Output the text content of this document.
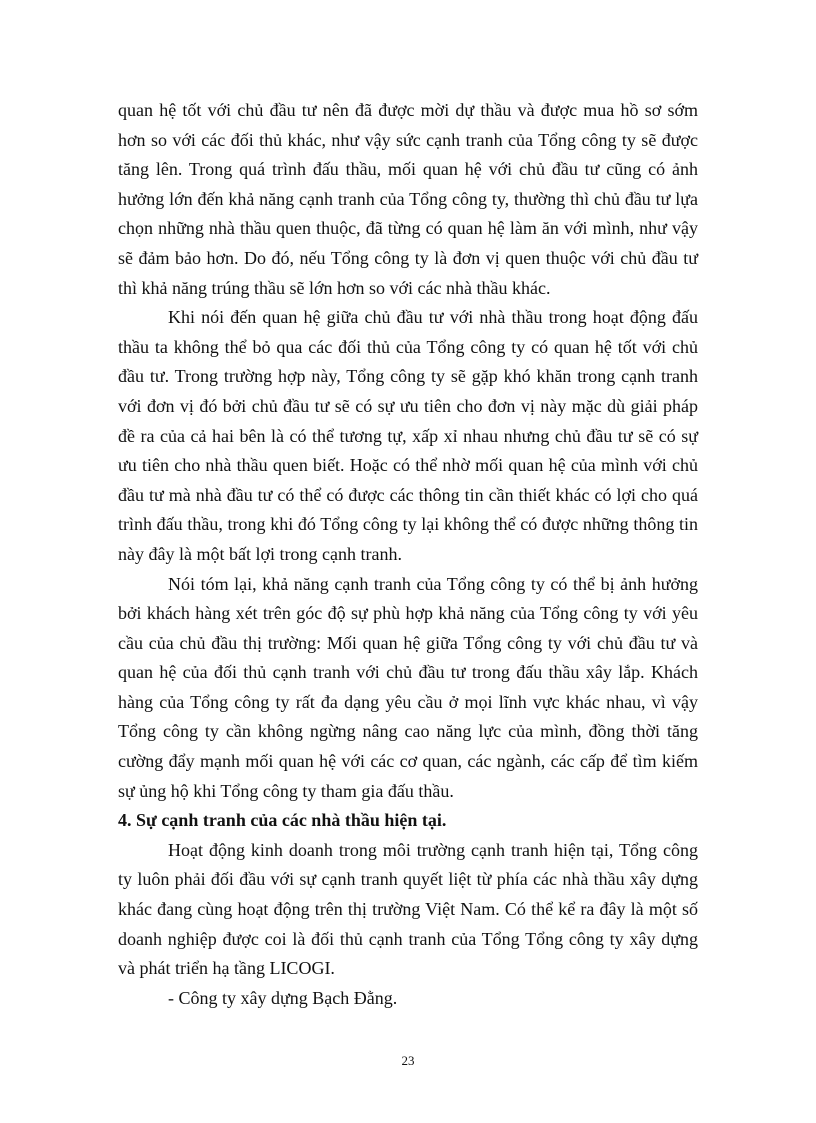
quan hệ tốt với chủ đầu tư nên đã được mời dự thầu và được mua hồ sơ sớm hơn so với các đối thủ khác, như vậy sức cạnh tranh của Tổng công ty sẽ được tăng lên. Trong quá trình đấu thầu, mối quan hệ với chủ đầu tư cũng có ảnh hưởng lớn đến khả năng cạnh tranh của Tổng công ty, thường thì chủ đầu tư lựa chọn những nhà thầu quen thuộc, đã từng có quan hệ làm ăn với mình, như vậy sẽ đảm bảo hơn. Do đó, nếu Tổng công ty là đơn vị quen thuộc với chủ đầu tư thì khả năng trúng thầu sẽ lớn hơn so với các nhà thầu khác.

Khi nói đến quan hệ giữa chủ đầu tư với nhà thầu trong hoạt động đấu thầu ta không thể bỏ qua các đối thủ của Tổng công ty có quan hệ tốt với chủ đầu tư. Trong trường hợp này, Tổng công ty sẽ gặp khó khăn trong cạnh tranh với đơn vị đó bởi chủ đầu tư sẽ có sự ưu tiên cho đơn vị này mặc dù giải pháp đề ra của cả hai bên là có thể tương tự, xấp xỉ nhau nhưng chủ đầu tư sẽ có sự ưu tiên cho nhà thầu quen biết. Hoặc có thể nhờ mối quan hệ của mình với chủ đầu tư mà nhà đầu tư có thể có được các thông tin cần thiết khác có lợi cho quá trình đấu thầu, trong khi đó Tổng công ty lại không thể có được những thông tin này đây là một bất lợi trong cạnh tranh.

Nói tóm lại, khả năng cạnh tranh của Tổng công ty có thể bị ảnh hưởng bởi khách hàng xét trên góc độ sự phù hợp khả năng của Tổng công ty với yêu cầu của chủ đầu thị trường: Mối quan hệ giữa Tổng công ty với chủ đầu tư và quan hệ của đối thủ cạnh tranh với chủ đầu tư trong đấu thầu xây lắp. Khách hàng của Tổng công ty rất đa dạng yêu cầu ở mọi lĩnh vực khác nhau, vì vậy Tổng công ty cần không ngừng nâng cao năng lực của mình, đồng thời tăng cường đẩy mạnh mối quan hệ với các cơ quan, các ngành, các cấp để tìm kiếm sự ủng hộ khi Tổng công ty tham gia đấu thầu.

4. Sự cạnh tranh của các nhà thầu hiện tại.

Hoạt động kinh doanh trong môi trường cạnh tranh hiện tại, Tổng công ty luôn phải đối đầu với sự cạnh tranh quyết liệt từ phía các nhà thầu xây dựng khác đang cùng hoạt động trên thị trường Việt Nam. Có thể kể ra đây là một số doanh nghiệp được coi là đối thủ cạnh tranh của Tổng Tổng công ty xây dựng và phát triển hạ tầng LICOGI.

- Công ty xây dựng Bạch Đằng.

23
